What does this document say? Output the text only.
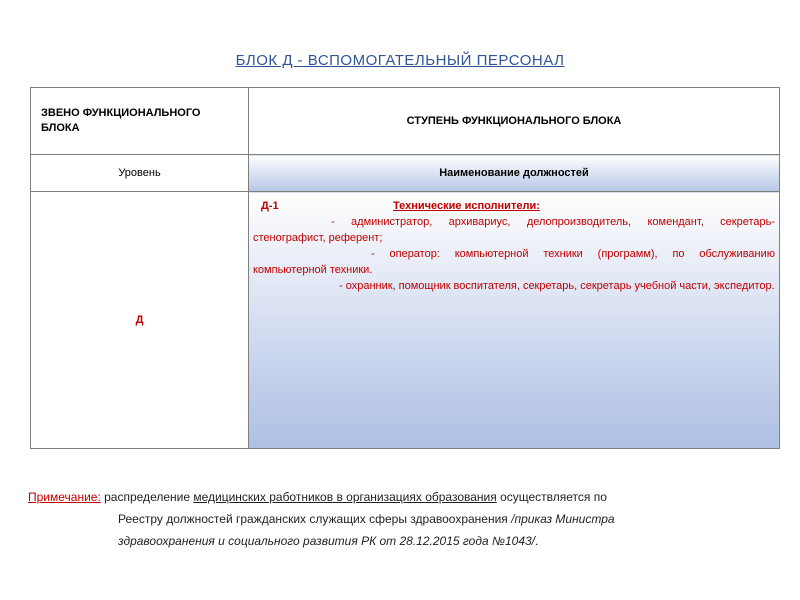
БЛОК Д - ВСПОМОГАТЕЛЬНЫЙ ПЕРСОНАЛ
ЗВЕНО ФУНКЦИОНАЛЬНОГО БЛОКА	СТУПЕНЬ ФУНКЦИОНАЛЬНОГО БЛОКА
Уровень	Наименование должностей
Д	Д-1 Технические исполнители:
- администратор, архивариус, делопроизводитель, комендант, секретарь-стенографист, референт;
- оператор: компьютерной техники (программ), по обслуживанию компьютерной техники.
- охранник, помощник воспитателя, секретарь, секретарь учебной части, экспедитор.
Примечание: распределение медицинских работников в организациях образования осуществляется по
Реестру должностей гражданских служащих сферы здравоохранения /приказ Министра
здравоохранения и социального развития РК от 28.12.2015 года №1043/.
